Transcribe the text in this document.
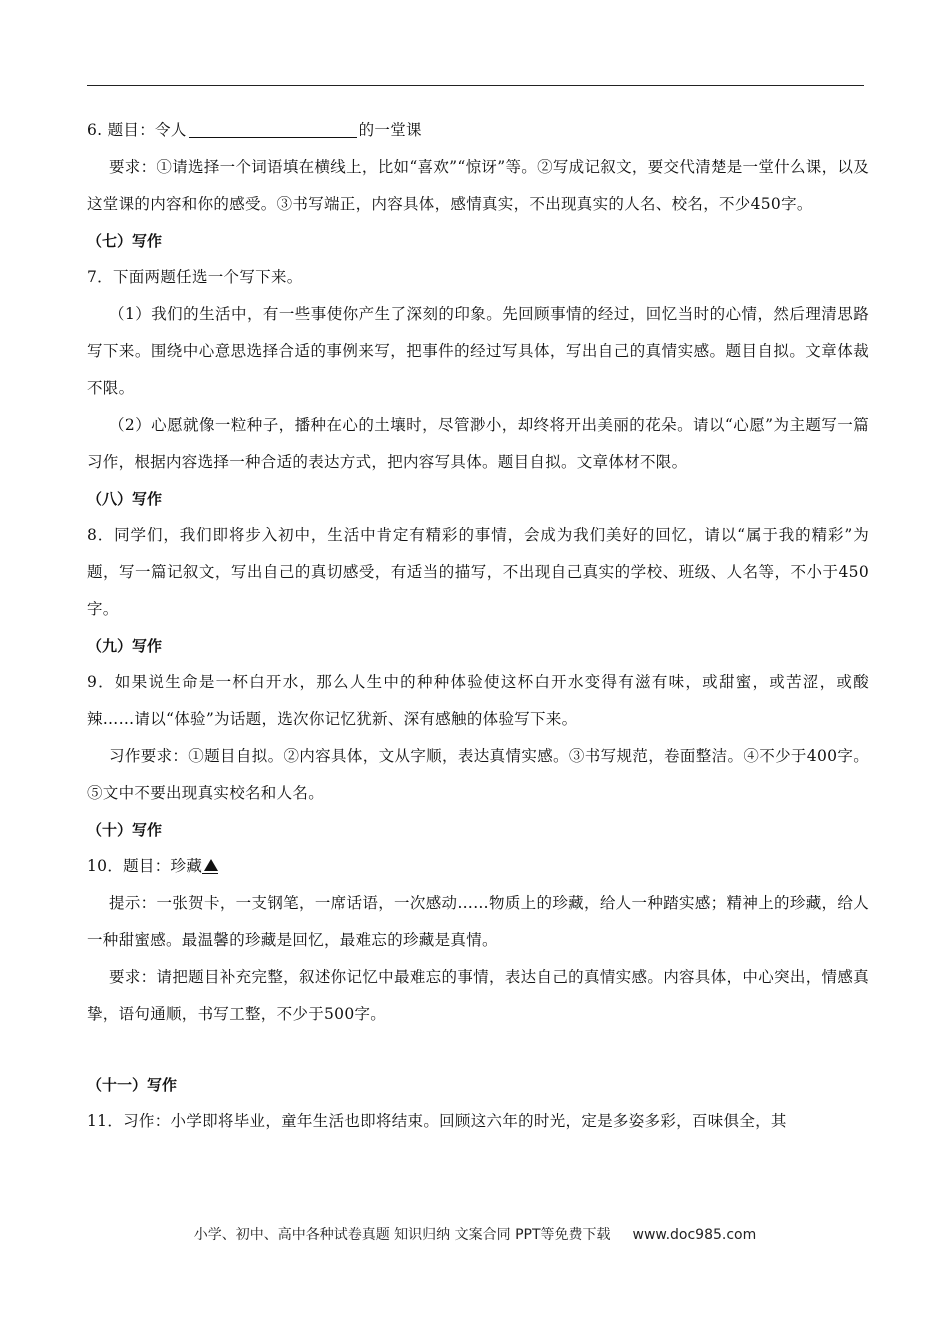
6. 题目：令人	的一堂课

要求：①请选择一个词语填在横线上，比如“喜欢”“惊讶”等。②写成记叙文，要交代清楚是一堂什么课，以及这堂课的内容和你的感受。③书写端正，内容具体，感情真实，不出现真实的人名、校名，不少450字。

（七）写作

7．下面两题任选一个写下来。

（1）我们的生活中，有一些事使你产生了深刻的印象。先回顾事情的经过，回忆当时的心情，然后理清思路写下来。围绕中心意思选择合适的事例来写，把事件的经过写具体，写出自己的真情实感。题目自拟。文章体裁不限。

（2）心愿就像一粒种子，播种在心的土壤时，尽管渺小，却终将开出美丽的花朵。请以“心愿”为主题写一篇习作，根据内容选择一种合适的表达方式，把内容写具体。题目自拟。文章体材不限。

（八）写作

8．同学们，我们即将步入初中，生活中肯定有精彩的事情，会成为我们美好的回忆，请以“属于我的精彩”为题，写一篇记叙文，写出自己的真切感受，有适当的描写，不出现自己真实的学校、班级、人名等，不小于450字。

（九）写作

9．如果说生命是一杯白开水，那么人生中的种种体验使这杯白开水变得有滋有味，或甜蜜，或苦涩，或酸辣……请以“体验”为话题，选次你记忆犹新、深有感触的体验写下来。

习作要求：①题目自拟。②内容具体，文从字顺，表达真情实感。③书写规范，卷面整洁。④不少于400字。⑤文中不要出现真实校名和人名。

（十）写作

10．题目：珍藏

提示：一张贺卡，一支钢笔，一席话语，一次感动……物质上的珍藏，给人一种踏实感；精神上的珍藏，给人一种甜蜜感。最温馨的珍藏是回忆，最难忘的珍藏是真情。

要求：请把题目补充完整，叙述你记忆中最难忘的事情，表达自己的真情实感。内容具体，中心突出，情感真挚，语句通顺，书写工整，不少于500字。

（十一）写作

11．习作：小学即将毕业，童年生活也即将结束。回顾这六年的时光，定是多姿多彩，百味俱全，其

小学、初中、高中各种试卷真题 知识归纳 文案合同 PPT等免费下载 www.doc985.com
